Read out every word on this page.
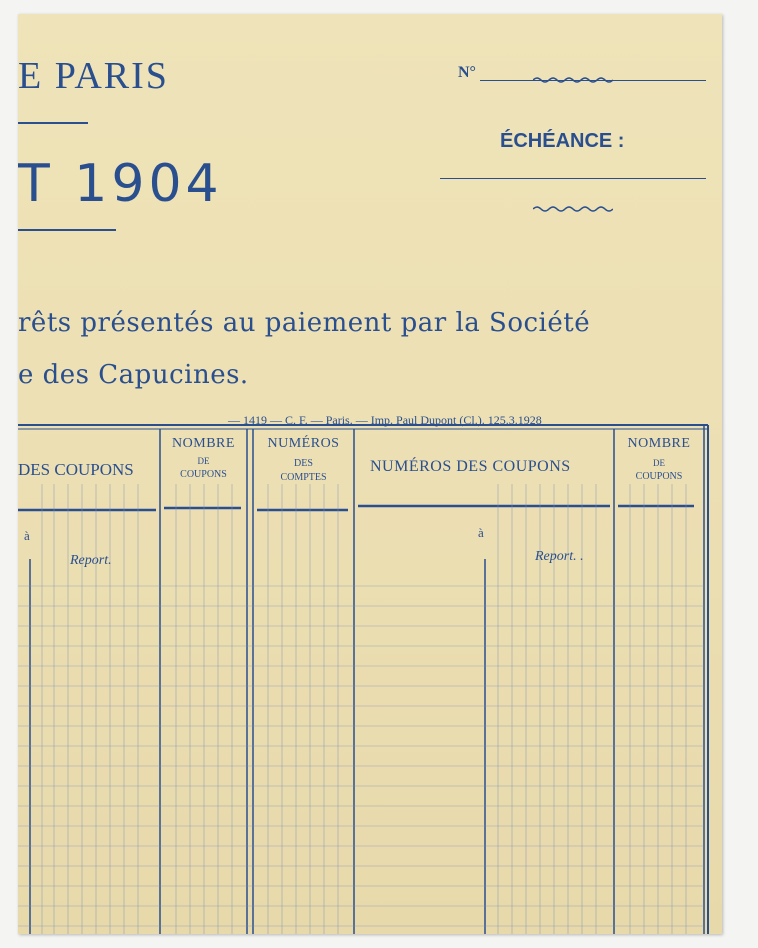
E PARIS
T 1904
N°
ÉCHÉANCE :
rêts présentés au paiement par la Société
e des Capucines.
— 1419 — C. F. — Paris. — Imp. Paul Dupont (Cl.). 125.3.1928
DES COUPONS
NOMBRE
DE
COUPONS
NUMÉROS
DES
COMPTES
NUMÉROS DES COUPONS
NOMBRE
DE
COUPONS
à	à
Report.	Report. .
